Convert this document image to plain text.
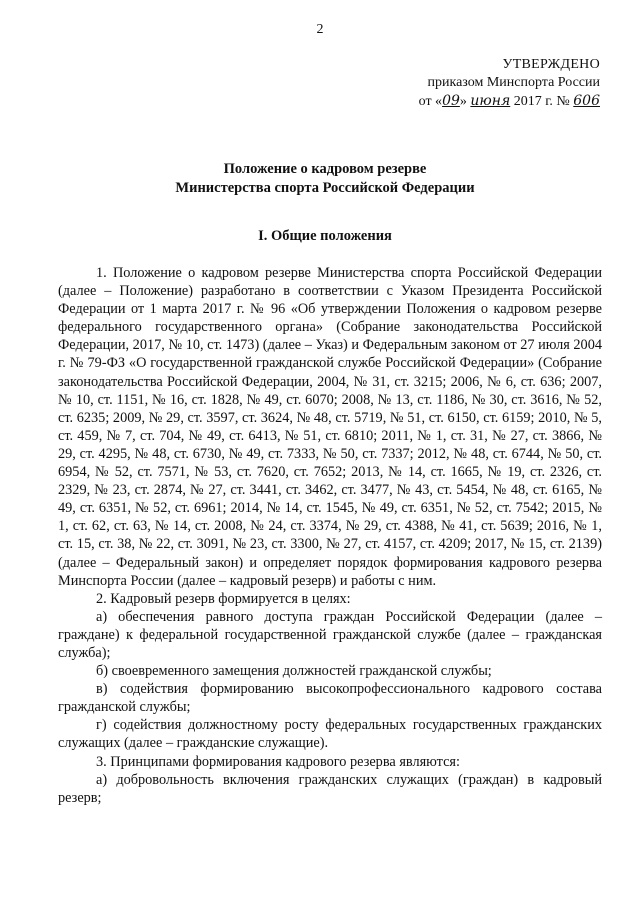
2
УТВЕРЖДЕНО
приказом Минспорта России
от «09» июня 2017 г. № 606
Положение о кадровом резерве
Министерства спорта Российской Федерации
I. Общие положения

1. Положение о кадровом резерве Министерства спорта Российской Федерации (далее – Положение) разработано в соответствии с Указом Президента Российской Федерации от 1 марта 2017 г. № 96 «Об утверждении Положения о кадровом резерве федерального государственного органа» (Собрание законодательства Российской Федерации, 2017, № 10, ст. 1473) (далее – Указ) и Федеральным законом от 27 июля 2004 г. № 79-ФЗ «О государственной гражданской службе Российской Федерации» (Собрание законодательства Российской Федерации, 2004, № 31, ст. 3215; 2006, № 6, ст. 636; 2007, № 10, ст. 1151, № 16, ст. 1828, № 49, ст. 6070; 2008, № 13, ст. 1186, № 30, ст. 3616, № 52, ст. 6235; 2009, № 29, ст. 3597, ст. 3624, № 48, ст. 5719, № 51, ст. 6150, ст. 6159; 2010, № 5, ст. 459, № 7, ст. 704, № 49, ст. 6413, № 51, ст. 6810; 2011, № 1, ст. 31, № 27, ст. 3866, № 29, ст. 4295, № 48, ст. 6730, № 49, ст. 7333, № 50, ст. 7337; 2012, № 48, ст. 6744, № 50, ст. 6954, № 52, ст. 7571, № 53, ст. 7620, ст. 7652; 2013, № 14, ст. 1665, № 19, ст. 2326, ст. 2329, № 23, ст. 2874, № 27, ст. 3441, ст. 3462, ст. 3477, № 43, ст. 5454, № 48, ст. 6165, № 49, ст. 6351, № 52, ст. 6961; 2014, № 14, ст. 1545, № 49, ст. 6351, № 52, ст. 7542; 2015, № 1, ст. 62, ст. 63, № 14, ст. 2008, № 24, ст. 3374, № 29, ст. 4388, № 41, ст. 5639; 2016, № 1, ст. 15, ст. 38, № 22, ст. 3091, № 23, ст. 3300, № 27, ст. 4157, ст. 4209; 2017, № 15, ст. 2139) (далее – Федеральный закон) и определяет порядок формирования кадрового резерва Минспорта России (далее – кадровый резерв) и работы с ним.

2. Кадровый резерв формируется в целях:

а) обеспечения равного доступа граждан Российской Федерации (далее – граждане) к федеральной государственной гражданской службе (далее – гражданская служба);

б) своевременного замещения должностей гражданской службы;

в) содействия формированию высокопрофессионального кадрового состава гражданской службы;

г) содействия должностному росту федеральных государственных гражданских служащих (далее – гражданские служащие).

3. Принципами формирования кадрового резерва являются:

а) добровольность включения гражданских служащих (граждан) в кадровый резерв;
